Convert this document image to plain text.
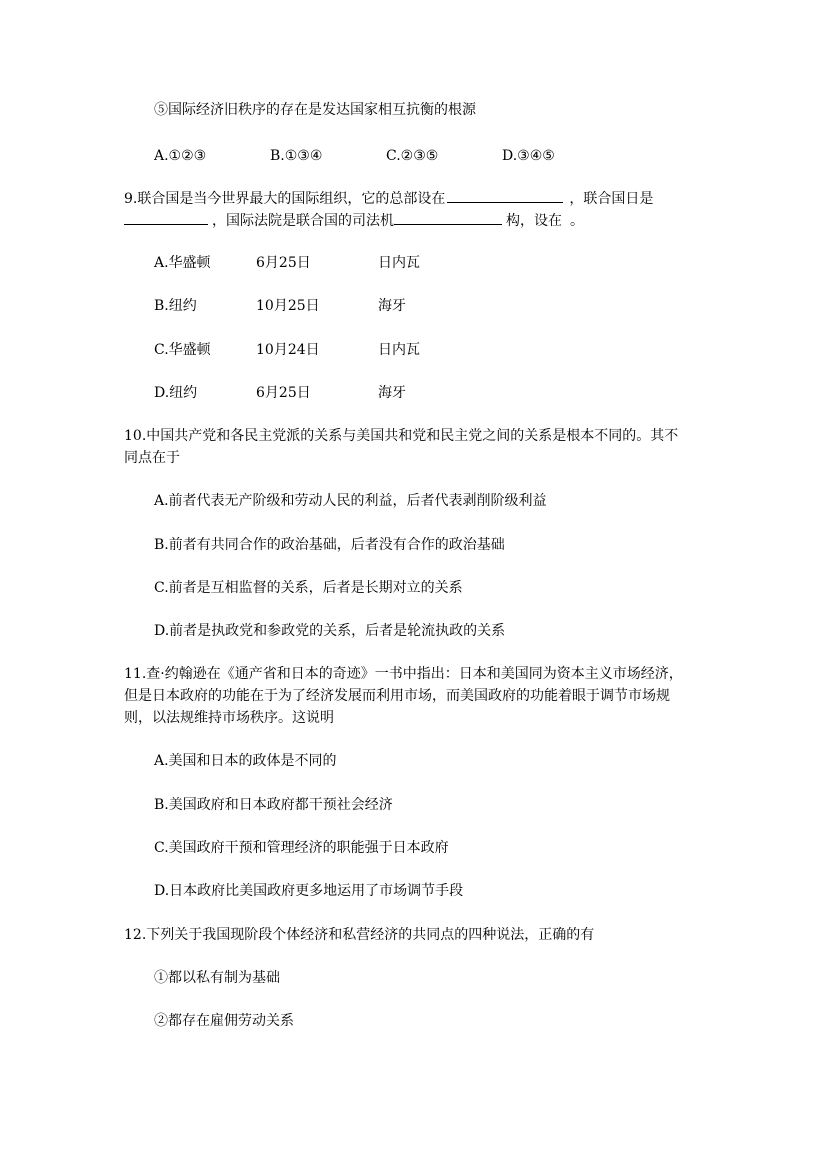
⑤国际经济旧秩序的存在是发达国家相互抗衡的根源
A.①②③	B.①③④	C.②③⑤	D.③④⑤
9.联合国是当今世界最大的国际组织，它的总部设在	，联合国日是
，国际法院是联合国的司法机	构，设在 。
A.华盛顿	6月25日	日内瓦
B.纽约	10月25日	海牙
C.华盛顿	10月24日	日内瓦
D.纽约	6月25日	海牙
10.中国共产党和各民主党派的关系与美国共和党和民主党之间的关系是根本不同的。其不
同点在于
A.前者代表无产阶级和劳动人民的利益，后者代表剥削阶级利益
B.前者有共同合作的政治基础，后者没有合作的政治基础
C.前者是互相监督的关系，后者是长期对立的关系
D.前者是执政党和参政党的关系，后者是轮流执政的关系
11.查·约翰逊在《通产省和日本的奇迹》一书中指出：日本和美国同为资本主义市场经济，
但是日本政府的功能在于为了经济发展而利用市场，而美国政府的功能着眼于调节市场规
则，以法规维持市场秩序。这说明
A.美国和日本的政体是不同的
B.美国政府和日本政府都干预社会经济
C.美国政府干预和管理经济的职能强于日本政府
D.日本政府比美国政府更多地运用了市场调节手段
12.下列关于我国现阶段个体经济和私营经济的共同点的四种说法，正确的有
①都以私有制为基础
②都存在雇佣劳动关系
